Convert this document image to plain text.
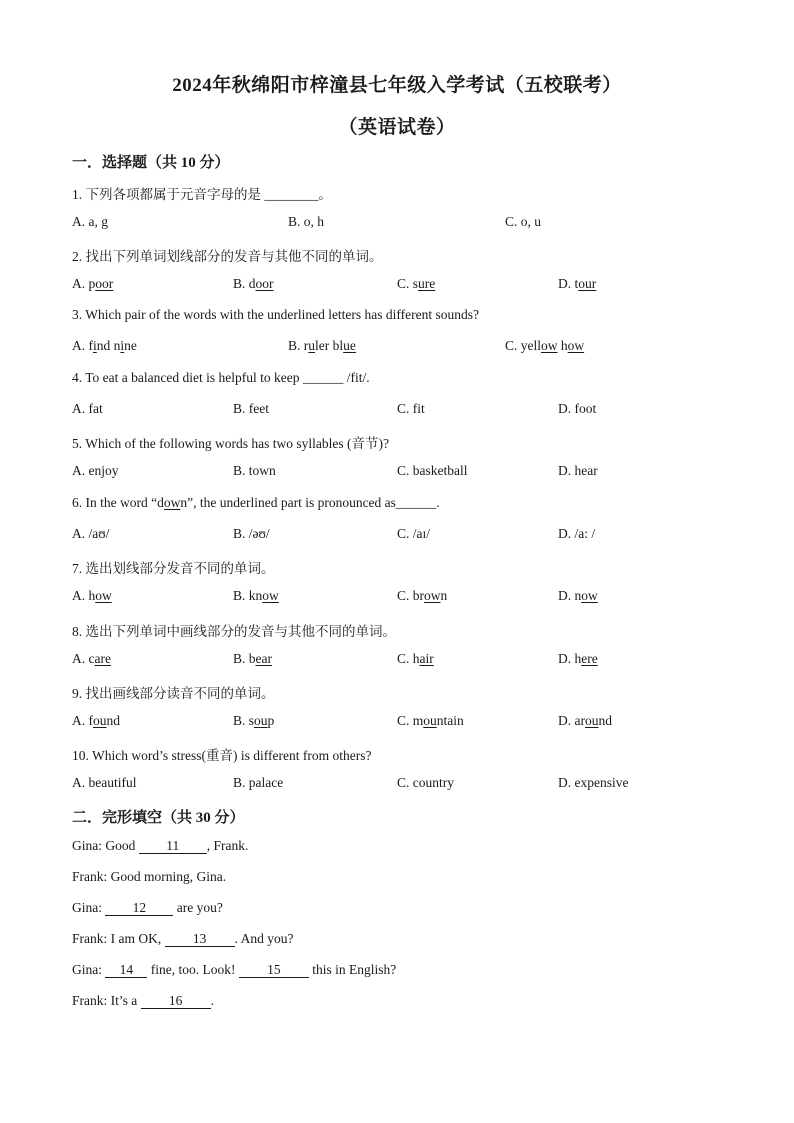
2024年秋绵阳市梓潼县七年级入学考试（五校联考）
（英语试卷）
一．选择题（共 10 分）
1. 下列各项都属于元音字母的是 ________。
A. a, g	B. o, h	C. o, u
2. 找出下列单词划线部分的发音与其他不同的单词。
A. poor	B. door	C. sure	D. tour
3. Which pair of the words with the underlined letters has different sounds?
A. find nine	B. ruler blue	C. yellow how
4. To eat a balanced diet is helpful to keep ______ /fit/.
A. fat	B. feet	C. fit	D. foot
5. Which of the following words has two syllables (音节)?
A. enjoy	B. town	C. basketball	D. hear
6. In the word “down”, the underlined part is pronounced as______.
A. /aʊ/	B. /əʊ/	C. /aɪ/	D. /a: /
7. 选出划线部分发音不同的单词。
A. how	B. know	C. brown	D. now
8. 选出下列单词中画线部分的发音与其他不同的单词。
A. care	B. bear	C. hair	D. here
9. 找出画线部分读音不同的单词。
A. found	B. soup	C. mountain	D. around
10. Which word’s stress(重音) is different from others?
A. beautiful	B. palace	C. country	D. expensive
二．完形填空（共 30 分）
Gina: Good 11 , Frank.
Frank: Good morning, Gina.
Gina: 12 are you?
Frank: I am OK, 13 . And you?
Gina: 14 fine, too. Look! 15 this in English?
Frank: It’s a 16 .
